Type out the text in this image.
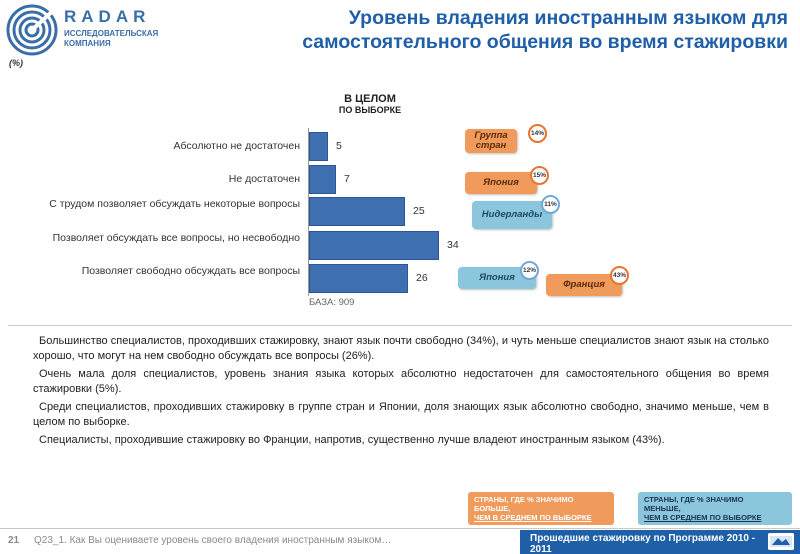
RADAR
ИССЛЕДОВАТЕЛЬСКАЯ
КОМПАНИЯ
Уровень владения иностранным языком для
самостоятельного общения во время стажировки
(%)
В ЦЕЛОМ
ПО ВЫБОРКЕ
Абсолютно не достаточен	5
Не достаточен	7
С трудом позволяет обсуждать некоторые вопросы
25
Позволяет обсуждать все вопросы, но несвободно
34
Позволяет свободно обсуждать все вопросы
26
БАЗА: 909
Группа стран
14%
Япония
15%
Нидерланды
11%
Япония
12%
Франция
43%

Большинство специалистов, проходивших стажировку, знают язык почти свободно (34%), и чуть меньше специалистов знают язык на столько хорошо, что могут на нем свободно обсуждать все вопросы (26%).

Очень мала доля специалистов, уровень знания языка которых абсолютно недостаточен для самостоятельного общения во время стажировки (5%).

Среди специалистов, проходивших стажировку в группе стран и Японии, доля знающих язык абсолютно свободно, значимо меньше, чем в целом по выборке.

Специалисты, проходившие стажировку во Франции, напротив, существенно лучше владеют иностранным языком (43%).

СТРАНЫ, ГДЕ % ЗНАЧИМО
БОЛЬШЕ,
ЧЕМ В СРЕДНЕМ ПО ВЫБОРКЕ
СТРАНЫ, ГДЕ % ЗНАЧИМО
МЕНЬШЕ,
ЧЕМ В СРЕДНЕМ ПО ВЫБОРКЕ
21 Q23_1. Как Вы оцениваете уровень своего владения иностранным языком…	Прошедшие стажировку по Программе 2010 - 2011
